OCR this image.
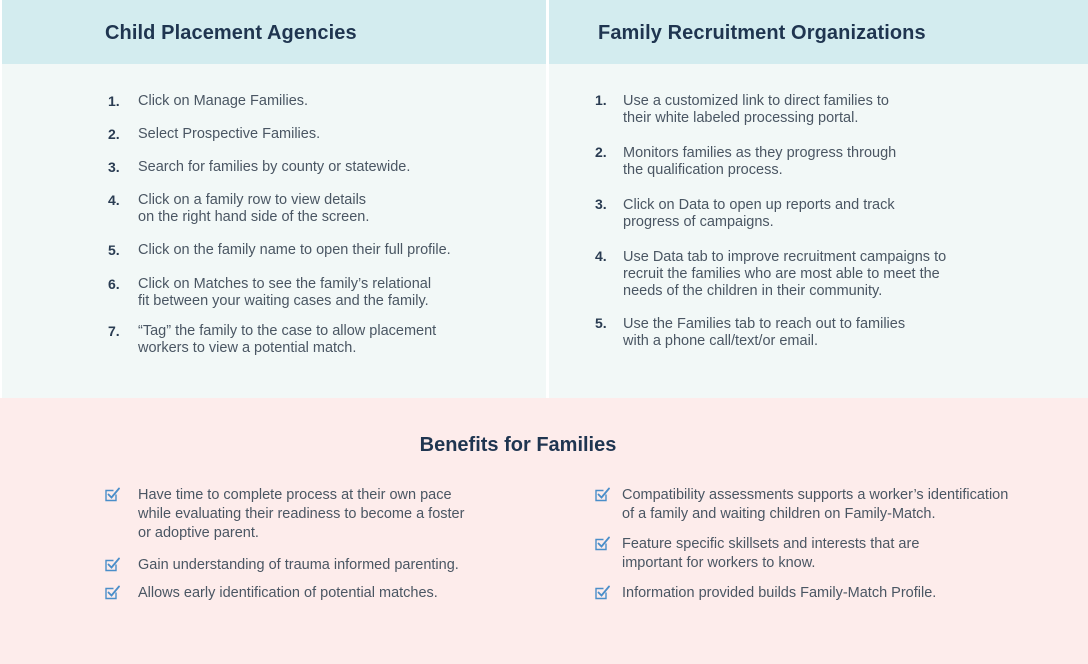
Child Placement Agencies
1. Click on Manage Families.
2. Select Prospective Families.
3. Search for families by county or statewide.
4. Click on a family row to view details
on the right hand side of the screen.
5. Click on the family name to open their full profile.
6. Click on Matches to see the family’s relational
fit between your waiting cases and the family.
7. “Tag” the family to the case to allow placement
workers to view a potential match.
Family Recruitment Organizations
1. Use a customized link to direct families to
their white labeled processing portal.
2. Monitors families as they progress through
the qualification process.
3. Click on Data to open up reports and track
progress of campaigns.
4. Use Data tab to improve recruitment campaigns to
recruit the families who are most able to meet the
needs of the children in their community.
5. Use the Families tab to reach out to families
with a phone call/text/or email.
Benefits for Families
Have time to complete process at their own pace
while evaluating their readiness to become a foster
or adoptive parent.
Gain understanding of trauma informed parenting.
Allows early identification of potential matches.
Compatibility assessments supports a worker’s identification
of a family and waiting children on Family-Match.
Feature specific skillsets and interests that are
important for workers to know.
Information provided builds Family-Match Profile.
